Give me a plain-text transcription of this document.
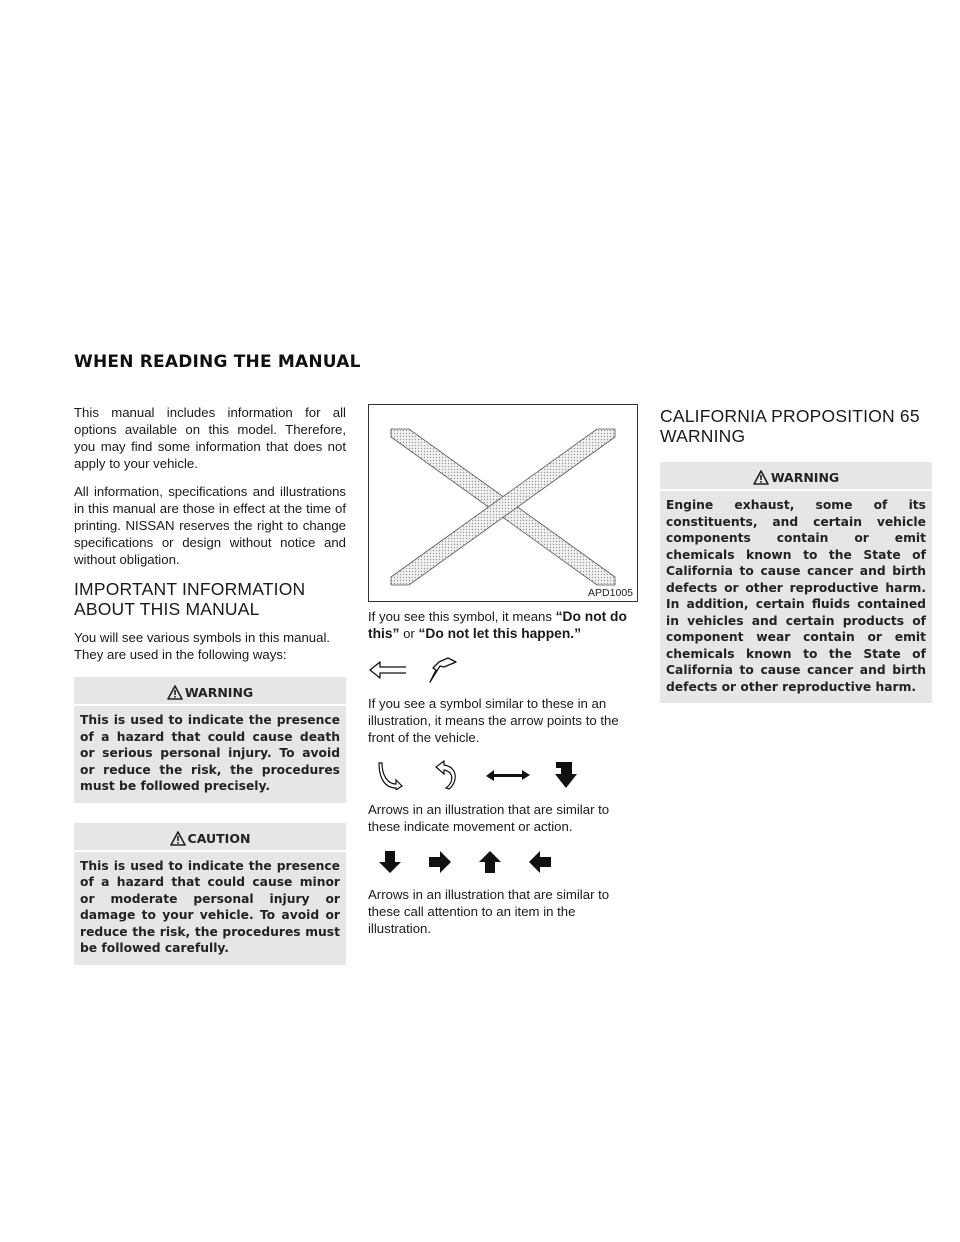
WHEN READING THE MANUAL

This manual includes information for all options available on this model. Therefore, you may find some information that does not apply to your vehicle.

All information, specifications and illustrations in this manual are those in effect at the time of printing. NISSAN reserves the right to change specifications or design without notice and without obligation.

IMPORTANT INFORMATION ABOUT THIS MANUAL

You will see various symbols in this manual. They are used in the following ways:

WARNING
This is used to indicate the presence of a hazard that could cause death or serious personal injury. To avoid or reduce the risk, the procedures must be followed precisely.
CAUTION
This is used to indicate the presence of a hazard that could cause minor or moderate personal injury or damage to your vehicle. To avoid or reduce the risk, the procedures must be followed carefully.
APD1005

If you see this symbol, it means “Do not do this” or “Do not let this happen.”

If you see a symbol similar to these in an illustration, it means the arrow points to the front of the vehicle.

Arrows in an illustration that are similar to these indicate movement or action.

Arrows in an illustration that are similar to these call attention to an item in the illustration.

CALIFORNIA PROPOSITION 65 WARNING
WARNING
Engine exhaust, some of its constituents, and certain vehicle components contain or emit chemicals known to the State of California to cause cancer and birth defects or other reproductive harm. In addition, certain fluids contained in vehicles and certain products of component wear contain or emit chemicals known to the State of California to cause cancer and birth defects or other reproductive harm.
